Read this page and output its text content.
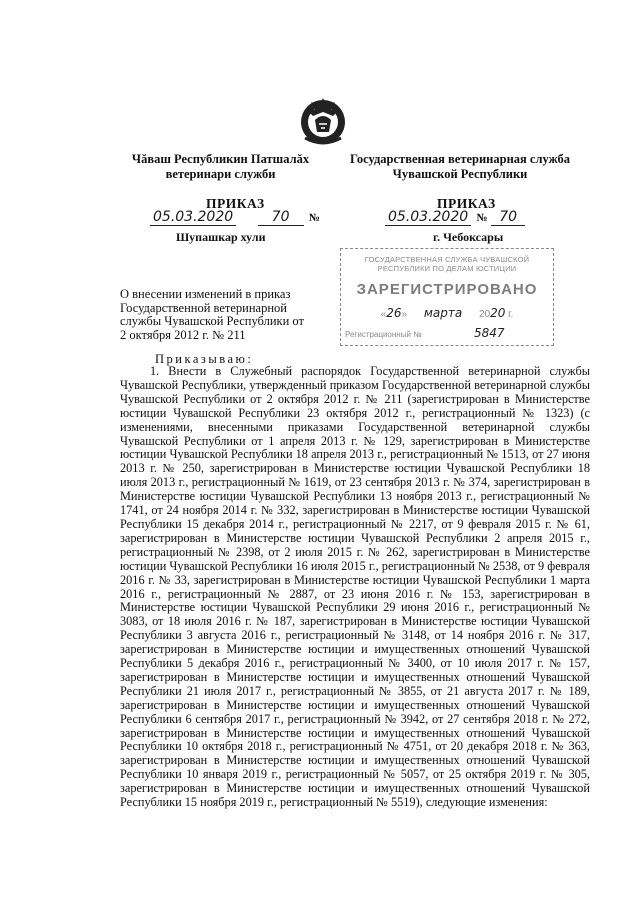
Чăваш Республикин Патшалăх
ветеринари служби
Государственная ветеринарная служба
Чувашской Республики
ПРИКАЗ	ПРИКАЗ
05.03.2020	70 №	05.03.2020 № 70
Шупашкар хули	г. Чебоксары
ГОСУДАРСТВЕННАЯ СЛУЖБА ЧУВАШСКОЙ
РЕСПУБЛИКИ ПО ДЕЛАМ ЮСТИЦИИ
ЗАРЕГИСТРИРОВАНО
«26» марта 2020 г.
Регистрационный №	5847
О внесении изменений в приказ Государственной ветеринарной службы Чувашской Республики от 2 октября 2012 г. № 211
Приказываю:
1. Внести в Служебный распорядок Государственной ветеринарной службы Чувашской Республики, утвержденный приказом Государственной ветеринарной службы Чувашской Республики от 2 октября 2012 г. № 211 (зарегистрирован в Министерстве юстиции Чувашской Республики 23 октября 2012 г., регистрационный № 1323) (с изменениями, внесенными приказами Государственной ветеринарной службы Чувашской Республики от 1 апреля 2013 г. № 129, зарегистрирован в Министерстве юстиции Чувашской Республики 18 апреля 2013 г., регистрационный № 1513, от 27 июня 2013 г. № 250, зарегистрирован в Министерстве юстиции Чувашской Республики 18 июля 2013 г., регистрационный № 1619, от 23 сентября 2013 г. № 374, зарегистрирован в Министерстве юстиции Чувашской Республики 13 ноября 2013 г., регистрационный № 1741, от 24 ноября 2014 г. № 332, зарегистрирован в Министерстве юстиции Чувашской Республики 15 декабря 2014 г., регистрационный № 2217, от 9 февраля 2015 г. № 61, зарегистрирован в Министерстве юстиции Чувашской Республики 2 апреля 2015 г., регистрационный № 2398, от 2 июля 2015 г. № 262, зарегистрирован в Министерстве юстиции Чувашской Республики 16 июля 2015 г., регистрационный № 2538, от 9 февраля 2016 г. № 33, зарегистрирован в Министерстве юстиции Чувашской Республики 1 марта 2016 г., регистрационный № 2887, от 23 июня 2016 г. № 153, зарегистрирован в Министерстве юстиции Чувашской Республики 29 июня 2016 г., регистрационный № 3083, от 18 июля 2016 г. № 187, зарегистрирован в Министерстве юстиции Чувашской Республики 3 августа 2016 г., регистрационный № 3148, от 14 ноября 2016 г. № 317, зарегистрирован в Министерстве юстиции и имущественных отношений Чувашской Республики 5 декабря 2016 г., регистрационный № 3400, от 10 июля 2017 г. № 157, зарегистрирован в Министерстве юстиции и имущественных отношений Чувашской Республики 21 июля 2017 г., регистрационный № 3855, от 21 августа 2017 г. № 189, зарегистрирован в Министерстве юстиции и имущественных отношений Чувашской Республики 6 сентября 2017 г., регистрационный № 3942, от 27 сентября 2018 г. № 272, зарегистрирован в Министерстве юстиции и имущественных отношений Чувашской Республики 10 октября 2018 г., регистрационный № 4751, от 20 декабря 2018 г. № 363, зарегистрирован в Министерстве юстиции и имущественных отношений Чувашской Республики 10 января 2019 г., регистрационный № 5057, от 25 октября 2019 г. № 305, зарегистрирован в Министерстве юстиции и имущественных отношений Чувашской Республики 15 ноября 2019 г., регистрационный № 5519), следующие изменения:
